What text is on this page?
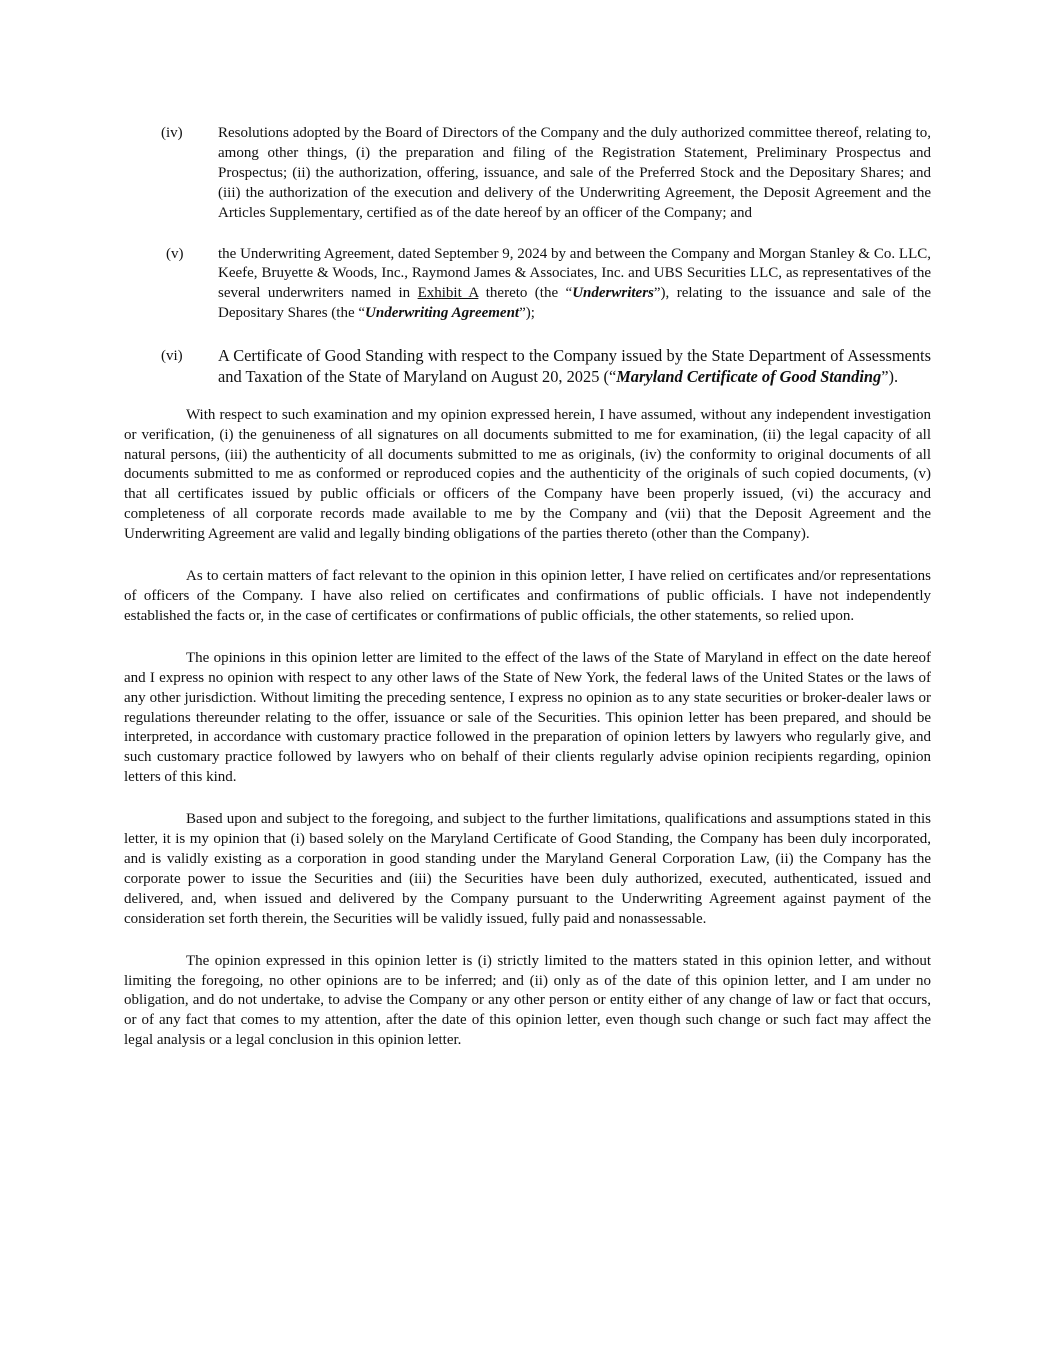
(iv) Resolutions adopted by the Board of Directors of the Company and the duly authorized committee thereof, relating to, among other things, (i) the preparation and filing of the Registration Statement, Preliminary Prospectus and Prospectus; (ii) the authorization, offering, issuance, and sale of the Preferred Stock and the Depositary Shares; and (iii) the authorization of the execution and delivery of the Underwriting Agreement, the Deposit Agreement and the Articles Supplementary, certified as of the date hereof by an officer of the Company; and
(v) the Underwriting Agreement, dated September 9, 2024 by and between the Company and Morgan Stanley & Co. LLC, Keefe, Bruyette & Woods, Inc., Raymond James & Associates, Inc. and UBS Securities LLC, as representatives of the several underwriters named in Exhibit A thereto (the “Underwriters”), relating to the issuance and sale of the Depositary Shares (the “Underwriting Agreement”);
(vi) A Certificate of Good Standing with respect to the Company issued by the State Department of Assessments and Taxation of the State of Maryland on August 20, 2025 (“Maryland Certificate of Good Standing”).

With respect to such examination and my opinion expressed herein, I have assumed, without any independent investigation or verification, (i) the genuineness of all signatures on all documents submitted to me for examination, (ii) the legal capacity of all natural persons, (iii) the authenticity of all documents submitted to me as originals, (iv) the conformity to original documents of all documents submitted to me as conformed or reproduced copies and the authenticity of the originals of such copied documents, (v) that all certificates issued by public officials or officers of the Company have been properly issued, (vi) the accuracy and completeness of all corporate records made available to me by the Company and (vii) that the Deposit Agreement and the Underwriting Agreement are valid and legally binding obligations of the parties thereto (other than the Company).

As to certain matters of fact relevant to the opinion in this opinion letter, I have relied on certificates and/or representations of officers of the Company. I have also relied on certificates and confirmations of public officials. I have not independently established the facts or, in the case of certificates or confirmations of public officials, the other statements, so relied upon.

The opinions in this opinion letter are limited to the effect of the laws of the State of Maryland in effect on the date hereof and I express no opinion with respect to any other laws of the State of New York, the federal laws of the United States or the laws of any other jurisdiction. Without limiting the preceding sentence, I express no opinion as to any state securities or broker-dealer laws or regulations thereunder relating to the offer, issuance or sale of the Securities. This opinion letter has been prepared, and should be interpreted, in accordance with customary practice followed in the preparation of opinion letters by lawyers who regularly give, and such customary practice followed by lawyers who on behalf of their clients regularly advise opinion recipients regarding, opinion letters of this kind.

Based upon and subject to the foregoing, and subject to the further limitations, qualifications and assumptions stated in this letter, it is my opinion that (i) based solely on the Maryland Certificate of Good Standing, the Company has been duly incorporated, and is validly existing as a corporation in good standing under the Maryland General Corporation Law, (ii) the Company has the corporate power to issue the Securities and (iii) the Securities have been duly authorized, executed, authenticated, issued and delivered, and, when issued and delivered by the Company pursuant to the Underwriting Agreement against payment of the consideration set forth therein, the Securities will be validly issued, fully paid and nonassessable.

The opinion expressed in this opinion letter is (i) strictly limited to the matters stated in this opinion letter, and without limiting the foregoing, no other opinions are to be inferred; and (ii) only as of the date of this opinion letter, and I am under no obligation, and do not undertake, to advise the Company or any other person or entity either of any change of law or fact that occurs, or of any fact that comes to my attention, after the date of this opinion letter, even though such change or such fact may affect the legal analysis or a legal conclusion in this opinion letter.
